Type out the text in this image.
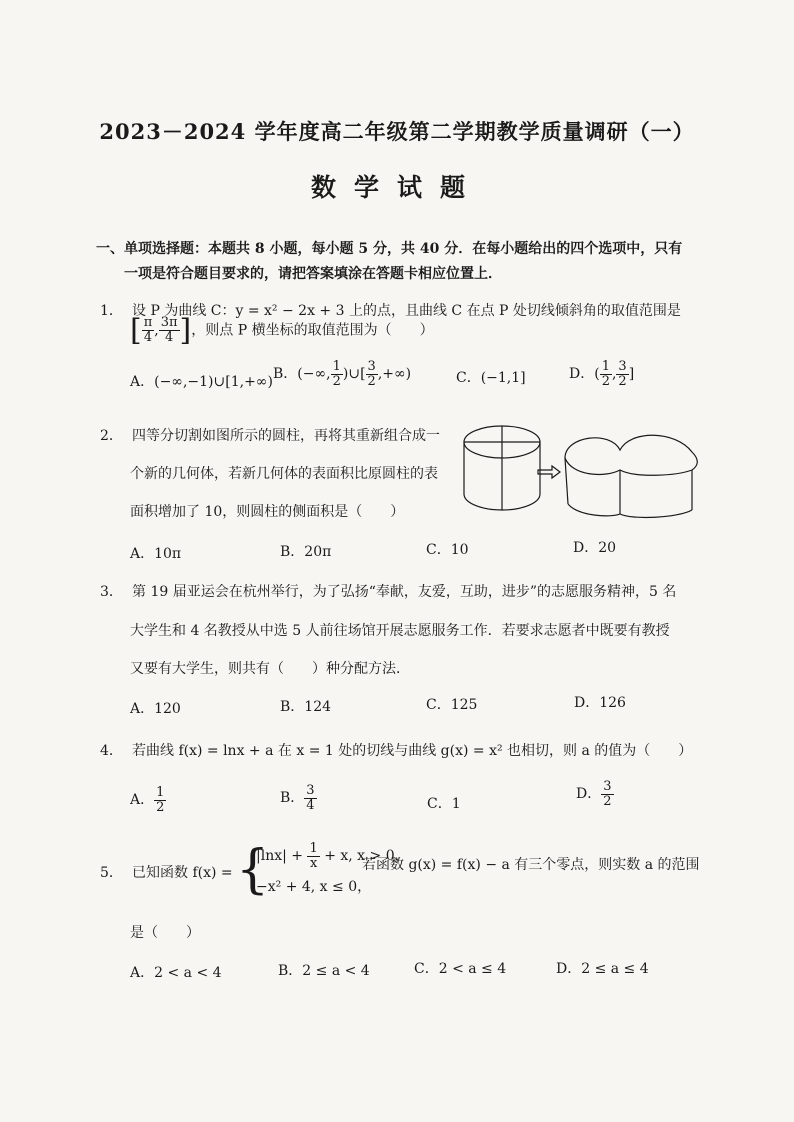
2023－2024 学年度高二年级第二学期教学质量调研（一）
数学试题
一、单项选择题：本题共 8 小题，每小题 5 分，共 40 分．在每小题给出的四个选项中，只有
一项是符合题目要求的，请把答案填涂在答题卡相应位置上．
1． 设 P 为曲线 C：y = x² − 2x + 3 上的点，且曲线 C 在点 P 处切线倾斜角的取值范围是
[ $\frac{\pi}{4}$ , $\frac{3\pi}{4}$ ]，则点 P 横坐标的取值范围为（　　）
A．(−∞,−1)∪[1,+∞) B．(−∞, $\frac{1}{2}$ )∪[ $\frac{3}{2}$ ,+∞)	C．(−1,1]	D．( $\frac{1}{2}$ , $\frac{3}{2}$ ]
2． 四等分切割如图所示的圆柱，再将其重新组合成一
个新的几何体，若新几何体的表面积比原圆柱的表
面积增加了 10，则圆柱的侧面积是（　　）
A．10π	B．20π	C．10	D．20
3． 第 19 届亚运会在杭州举行，为了弘扬“奉献，友爱，互助，进步”的志愿服务精神，5 名
大学生和 4 名教授从中选 5 人前往场馆开展志愿服务工作．若要求志愿者中既要有教授
又要有大学生，则共有（　　）种分配方法．
A．120	B．124	C．125	D．126
4． 若曲线 f(x) = lnx + a 在 x = 1 处的切线与曲线 g(x) = x² 也相切，则 a 的值为（　　）
A． $\frac{1}{2}$	B． $\frac{3}{4}$	C．1
D． $\frac{3}{2}$
5． 已知函数 f(x) = {
$|\ln x| + \frac{1}{x} + x$, x > 0，
−x² + 4, x ≤ 0，
若函数 g(x) = f(x) − a 有三个零点，则实数 a 的范围
是（　　）
A．2 < a < 4	B．2 ≤ a < 4	C．2 < a ≤ 4	D．2 ≤ a ≤ 4
